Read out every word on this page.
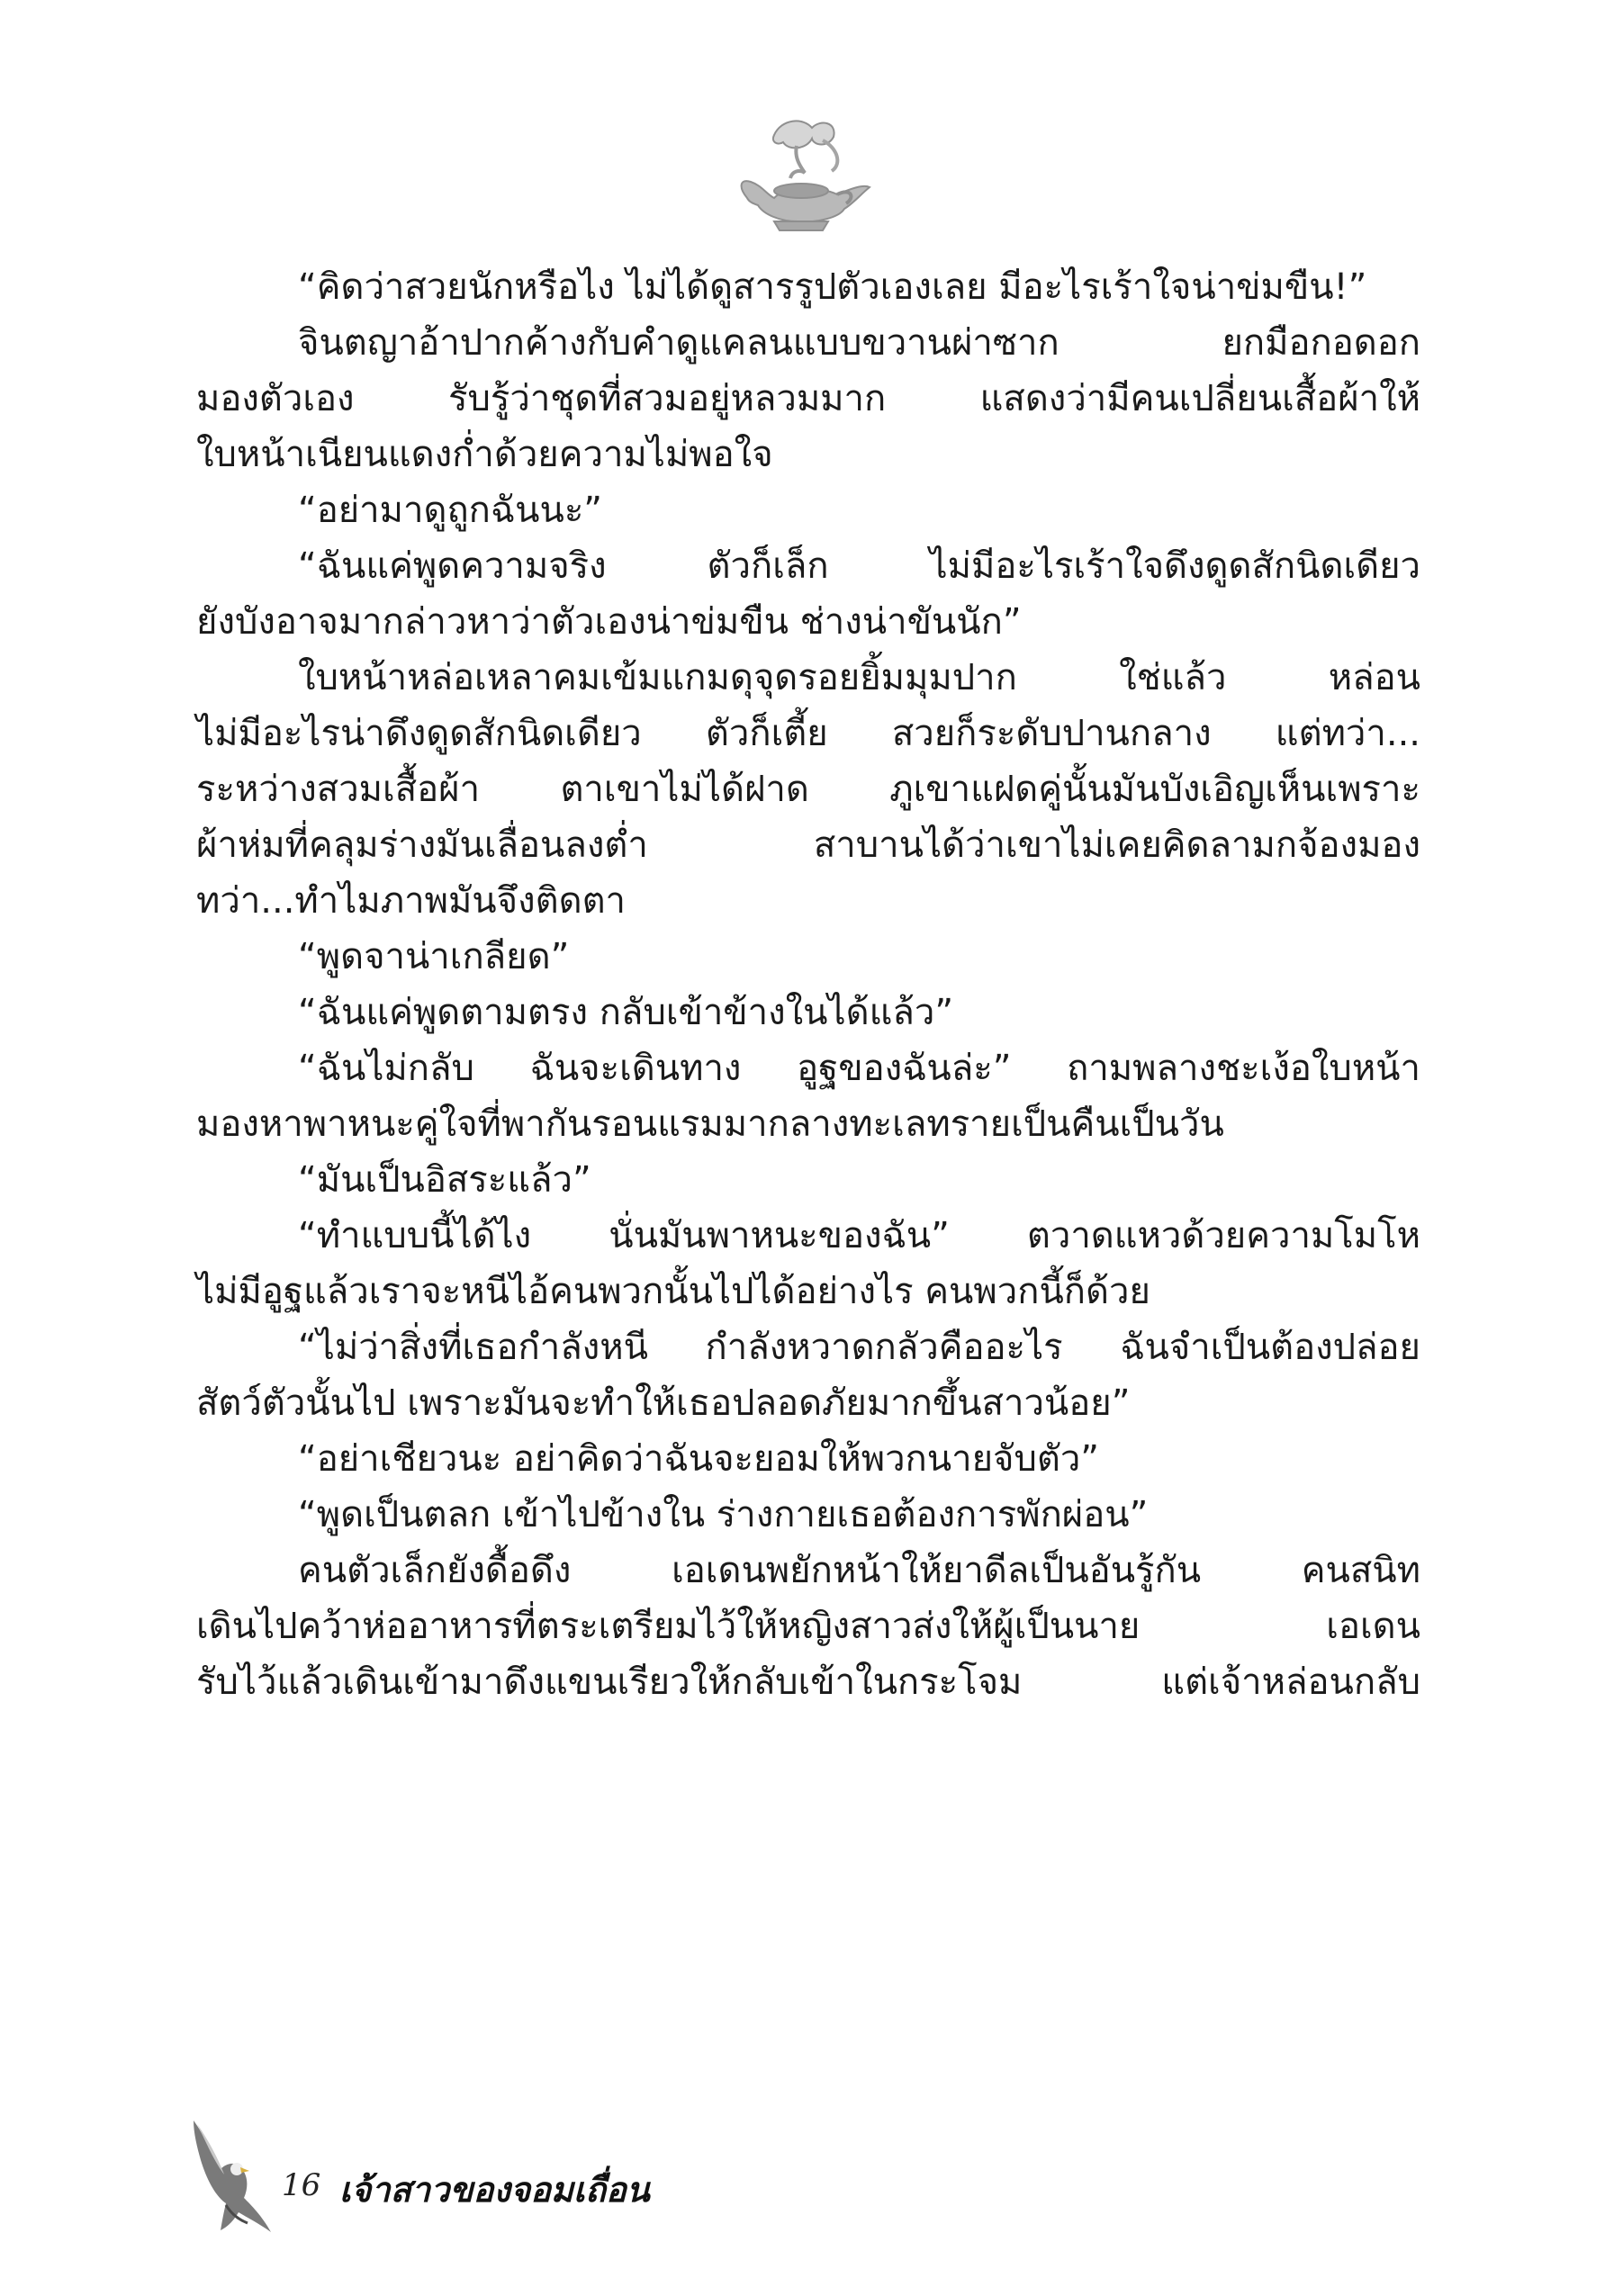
“คิดว่าสวยนักหรือไง ไม่ได้ดูสารรูปตัวเองเลย มีอะไรเร้าใจน่าข่มขืน!”
จินตญาอ้าปากค้างกับคำดูแคลนแบบขวานผ่าซาก ยกมือกอดอก
มองตัวเอง รับรู้ว่าชุดที่สวมอยู่หลวมมาก แสดงว่ามีคนเปลี่ยนเสื้อผ้าให้
ใบหน้าเนียนแดงก่ำด้วยความไม่พอใจ
“อย่ามาดูถูกฉันนะ”
“ฉันแค่พูดความจริง ตัวก็เล็ก ไม่มีอะไรเร้าใจดึงดูดสักนิดเดียว
ยังบังอาจมากล่าวหาว่าตัวเองน่าข่มขืน ช่างน่าขันนัก”
ใบหน้าหล่อเหลาคมเข้มแกมดุจุดรอยยิ้มมุมปาก ใช่แล้ว หล่อน
ไม่มีอะไรน่าดึงดูดสักนิดเดียว ตัวก็เตี้ย สวยก็ระดับปานกลาง แต่ทว่า...
ระหว่างสวมเสื้อผ้า ตาเขาไม่ได้ฝาด ภูเขาแฝดคู่นั้นมันบังเอิญเห็นเพราะ
ผ้าห่มที่คลุมร่างมันเลื่อนลงต่ำ สาบานได้ว่าเขาไม่เคยคิดลามกจ้องมอง
ทว่า...ทำไมภาพมันจึงติดตา
“พูดจาน่าเกลียด”
“ฉันแค่พูดตามตรง กลับเข้าข้างในได้แล้ว”
“ฉันไม่กลับ ฉันจะเดินทาง อูฐของฉันล่ะ” ถามพลางชะเง้อใบหน้า
มองหาพาหนะคู่ใจที่พากันรอนแรมมากลางทะเลทรายเป็นคืนเป็นวัน
“มันเป็นอิสระแล้ว”
“ทำแบบนี้ได้ไง นั่นมันพาหนะของฉัน” ตวาดแหวด้วยความโมโห
ไม่มีอูฐแล้วเราจะหนีไอ้คนพวกนั้นไปได้อย่างไร คนพวกนี้ก็ด้วย
“ไม่ว่าสิ่งที่เธอกำลังหนี กำลังหวาดกลัวคืออะไร ฉันจำเป็นต้องปล่อย
สัตว์ตัวนั้นไป เพราะมันจะทำให้เธอปลอดภัยมากขึ้นสาวน้อย”
“อย่าเชียวนะ อย่าคิดว่าฉันจะยอมให้พวกนายจับตัว”
“พูดเป็นตลก เข้าไปข้างใน ร่างกายเธอต้องการพักผ่อน”
คนตัวเล็กยังดื้อดึง เอเดนพยักหน้าให้ยาดีลเป็นอันรู้กัน คนสนิท
เดินไปคว้าห่ออาหารที่ตระเตรียมไว้ให้หญิงสาวส่งให้ผู้เป็นนาย เอเดน
รับไว้แล้วเดินเข้ามาดึงแขนเรียวให้กลับเข้าในกระโจม แต่เจ้าหล่อนกลับ
16 เจ้าสาวของจอมเถื่อน
